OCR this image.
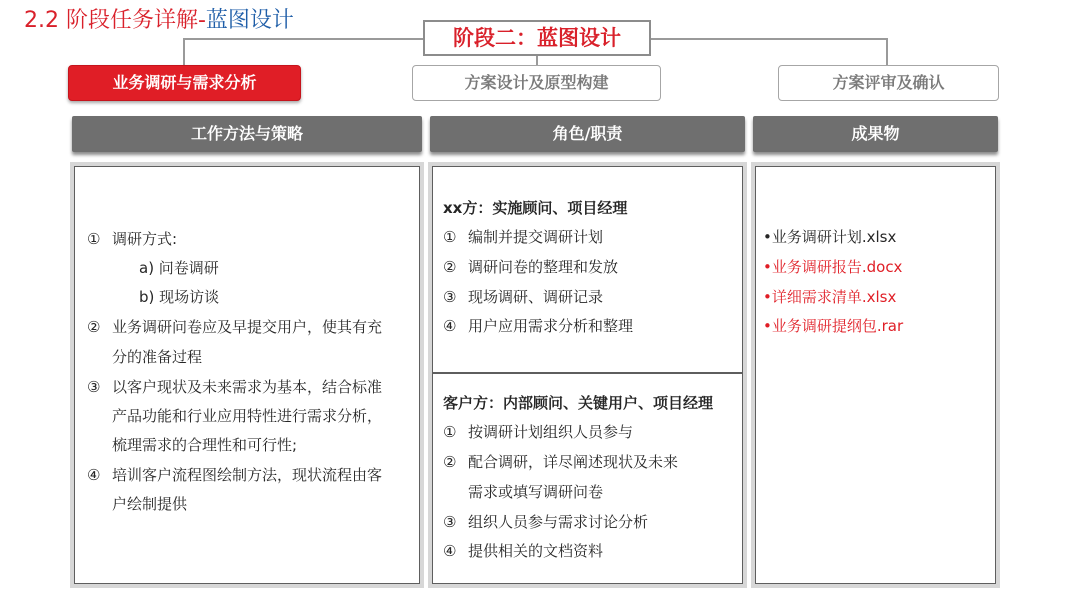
2.2 阶段任务详解-蓝图设计
阶段二：蓝图设计
业务调研与需求分析	方案设计及原型构建	方案评审及确认
工作方法与策略	角色/职责	成果物
① 调研方式:
a) 问卷调研
b) 现场访谈
② 业务调研问卷应及早提交用户，使其有充
分的准备过程
③ 以客户现状及未来需求为基本，结合标准
产品功能和行业应用特性进行需求分析，
梳理需求的合理性和可行性;
④ 培训客户流程图绘制方法，现状流程由客
户绘制提供
xx方：实施顾问、项目经理
① 编制并提交调研计划
② 调研问卷的整理和发放
③ 现场调研、调研记录
④ 用户应用需求分析和整理
客户方：内部顾问、关键用户、项目经理
① 按调研计划组织人员参与
② 配合调研，详尽阐述现状及未来
需求或填写调研问卷
③ 组织人员参与需求讨论分析
④ 提供相关的文档资料
•业务调研计划.xlsx
•业务调研报告.docx
•详细需求清单.xlsx
•业务调研提纲包.rar
